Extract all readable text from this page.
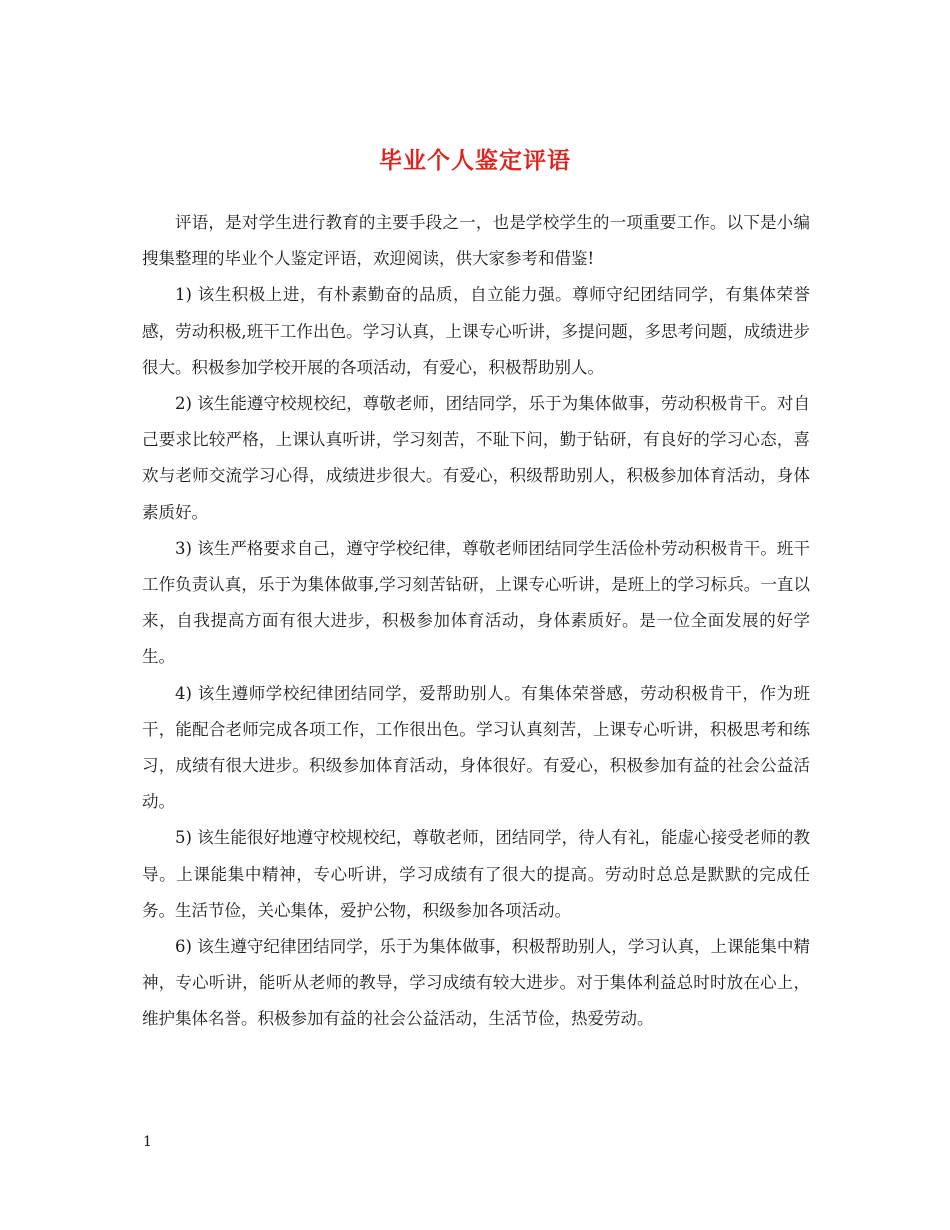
毕业个人鉴定评语

评语，是对学生进行教育的主要手段之一，也是学校学生的一项重要工作。以下是小编搜集整理的毕业个人鉴定评语，欢迎阅读，供大家参考和借鉴!

1) 该生积极上进，有朴素勤奋的品质，自立能力强。尊师守纪团结同学，有集体荣誉感，劳动积极,班干工作出色。学习认真，上课专心听讲，多提问题，多思考问题，成绩进步很大。积极参加学校开展的各项活动，有爱心，积极帮助别人。

2) 该生能遵守校规校纪，尊敬老师，团结同学，乐于为集体做事，劳动积极肯干。对自己要求比较严格，上课认真听讲，学习刻苦，不耻下问，勤于钻研，有良好的学习心态，喜欢与老师交流学习心得，成绩进步很大。有爱心，积级帮助别人，积极参加体育活动，身体素质好。

3) 该生严格要求自己，遵守学校纪律，尊敬老师团结同学生活俭朴劳动积极肯干。班干工作负责认真，乐于为集体做事,学习刻苦钻研，上课专心听讲，是班上的学习标兵。一直以来，自我提高方面有很大进步，积极参加体育活动，身体素质好。是一位全面发展的好学生。

4) 该生遵师学校纪律团结同学，爱帮助别人。有集体荣誉感，劳动积极肯干，作为班干，能配合老师完成各项工作，工作很出色。学习认真刻苦，上课专心听讲，积极思考和练习，成绩有很大进步。积级参加体育活动，身体很好。有爱心，积极参加有益的社会公益活动。

5) 该生能很好地遵守校规校纪，尊敬老师，团结同学，待人有礼，能虚心接受老师的教导。上课能集中精神，专心听讲，学习成绩有了很大的提高。劳动时总总是默默的完成任务。生活节俭，关心集体，爱护公物，积级参加各项活动。

6) 该生遵守纪律团结同学，乐于为集体做事，积极帮助别人，学习认真，上课能集中精神，专心听讲，能听从老师的教导，学习成绩有较大进步。对于集体利益总时时放在心上，维护集体名誉。积极参加有益的社会公益活动，生活节俭，热爱劳动。

1
